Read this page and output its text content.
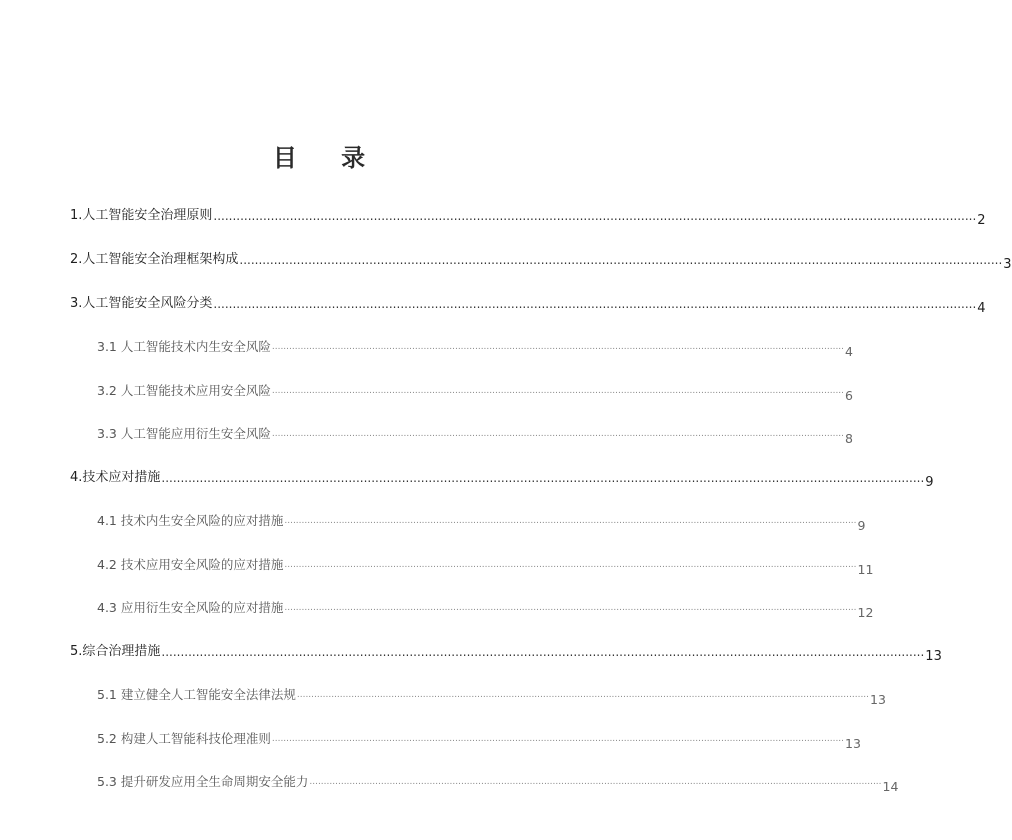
目 录
1.人工智能安全治理原则 ........................................................................................................................................................................................................ 2
2.人工智能安全治理框架构成 ........................................................................................................................................................................................................ 3
3.人工智能安全风险分类 ........................................................................................................................................................................................................ 4
3.1 人工智能技术内生安全风险 ........................................................................................................................................................................................................ 4
3.2 人工智能技术应用安全风险 ........................................................................................................................................................................................................ 6
3.3 人工智能应用衍生安全风险 ........................................................................................................................................................................................................ 8
4.技术应对措施 ........................................................................................................................................................................................................ 9
4.1 技术内生安全风险的应对措施 ........................................................................................................................................................................................................ 9
4.2 技术应用安全风险的应对措施 ........................................................................................................................................................................................................ 11
4.3 应用衍生安全风险的应对措施 ........................................................................................................................................................................................................ 12
5.综合治理措施 ........................................................................................................................................................................................................ 13
5.1 建立健全人工智能安全法律法规 ........................................................................................................................................................................................................ 13
5.2 构建人工智能科技伦理准则 ........................................................................................................................................................................................................ 13
5.3 提升研发应用全生命周期安全能力 ........................................................................................................................................................................................................ 14
